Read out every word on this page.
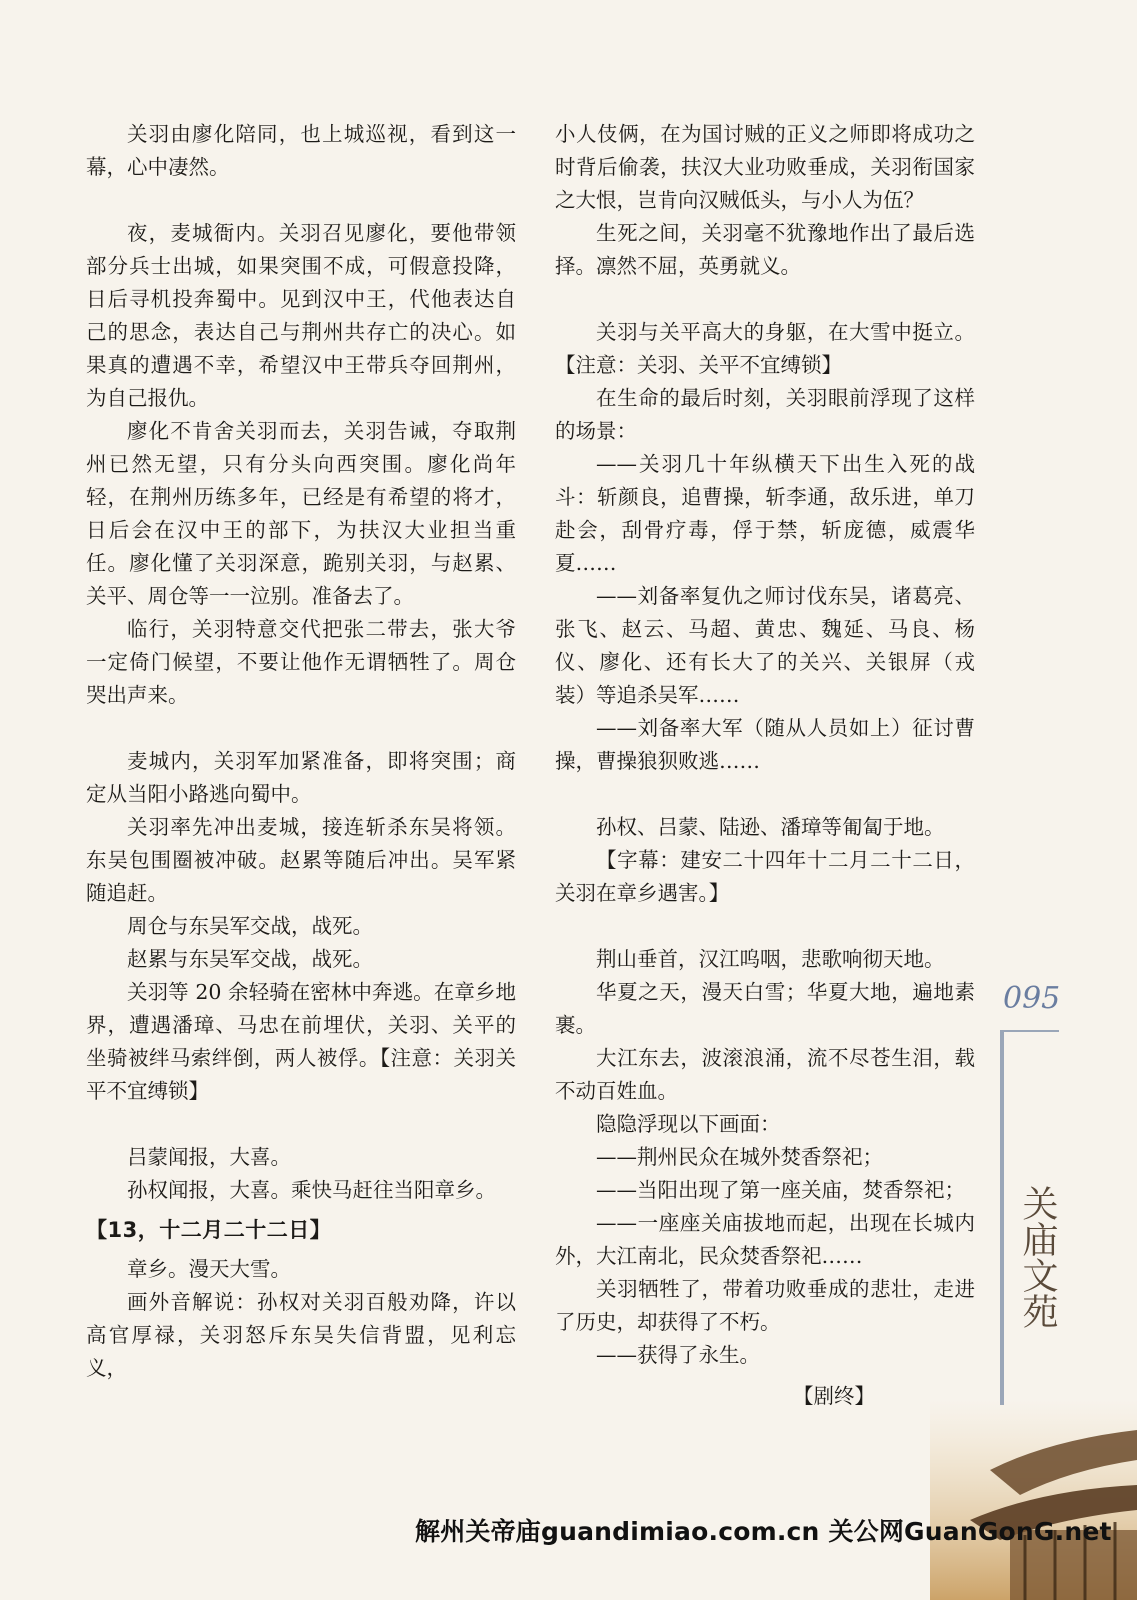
关羽由廖化陪同，也上城巡视，看到这一幕，心中凄然。

夜，麦城衙内。关羽召见廖化，要他带领部分兵士出城，如果突围不成，可假意投降，日后寻机投奔蜀中。见到汉中王，代他表达自己的思念，表达自己与荆州共存亡的决心。如果真的遭遇不幸，希望汉中王带兵夺回荆州，为自己报仇。

廖化不肯舍关羽而去，关羽告诫，夺取荆州已然无望，只有分头向西突围。廖化尚年轻，在荆州历练多年，已经是有希望的将才，日后会在汉中王的部下，为扶汉大业担当重任。廖化懂了关羽深意，跪别关羽，与赵累、关平、周仓等一一泣别。准备去了。

临行，关羽特意交代把张二带去，张大爷一定倚门候望，不要让他作无谓牺牲了。周仓哭出声来。

麦城内，关羽军加紧准备，即将突围；商定从当阳小路逃向蜀中。

关羽率先冲出麦城，接连斩杀东吴将领。东吴包围圈被冲破。赵累等随后冲出。吴军紧随追赶。

周仓与东吴军交战，战死。

赵累与东吴军交战，战死。

关羽等 20 余轻骑在密林中奔逃。在章乡地界，遭遇潘璋、马忠在前埋伏，关羽、关平的坐骑被绊马索绊倒，两人被俘。【注意：关羽关平不宜缚锁】

吕蒙闻报，大喜。

孙权闻报，大喜。乘快马赶往当阳章乡。

【13，十二月二十二日】

章乡。漫天大雪。

画外音解说：孙权对关羽百般劝降，许以高官厚禄，关羽怒斥东吴失信背盟，见利忘义，

小人伎俩，在为国讨贼的正义之师即将成功之时背后偷袭，扶汉大业功败垂成，关羽衔国家之大恨，岂肯向汉贼低头，与小人为伍？

生死之间，关羽毫不犹豫地作出了最后选择。凛然不屈，英勇就义。

关羽与关平高大的身躯，在大雪中挺立。【注意：关羽、关平不宜缚锁】

在生命的最后时刻，关羽眼前浮现了这样的场景：

——关羽几十年纵横天下出生入死的战斗：斩颜良，追曹操，斩李通，敌乐进，单刀赴会，刮骨疗毒，俘于禁，斩庞德，威震华夏……

——刘备率复仇之师讨伐东吴，诸葛亮、张飞、赵云、马超、黄忠、魏延、马良、杨仪、廖化、还有长大了的关兴、关银屏（戎装）等追杀吴军……

——刘备率大军（随从人员如上）征讨曹操，曹操狼狈败逃……

孙权、吕蒙、陆逊、潘璋等匍匐于地。

【字幕：建安二十四年十二月二十二日，关羽在章乡遇害。】

荆山垂首，汉江呜咽，悲歌响彻天地。

华夏之天，漫天白雪；华夏大地，遍地素裹。

大江东去，波滚浪涌，流不尽苍生泪，载不动百姓血。

隐隐浮现以下画面：

——荆州民众在城外焚香祭祀；

——当阳出现了第一座关庙，焚香祭祀；

——一座座关庙拔地而起，出现在长城内外，大江南北，民众焚香祭祀……

关羽牺牲了，带着功败垂成的悲壮，走进了历史，却获得了不朽。

——获得了永生。

【剧终】
095
关庙文苑
解州关帝庙guandimiao.com.cn 关公网GuanGonG.net
